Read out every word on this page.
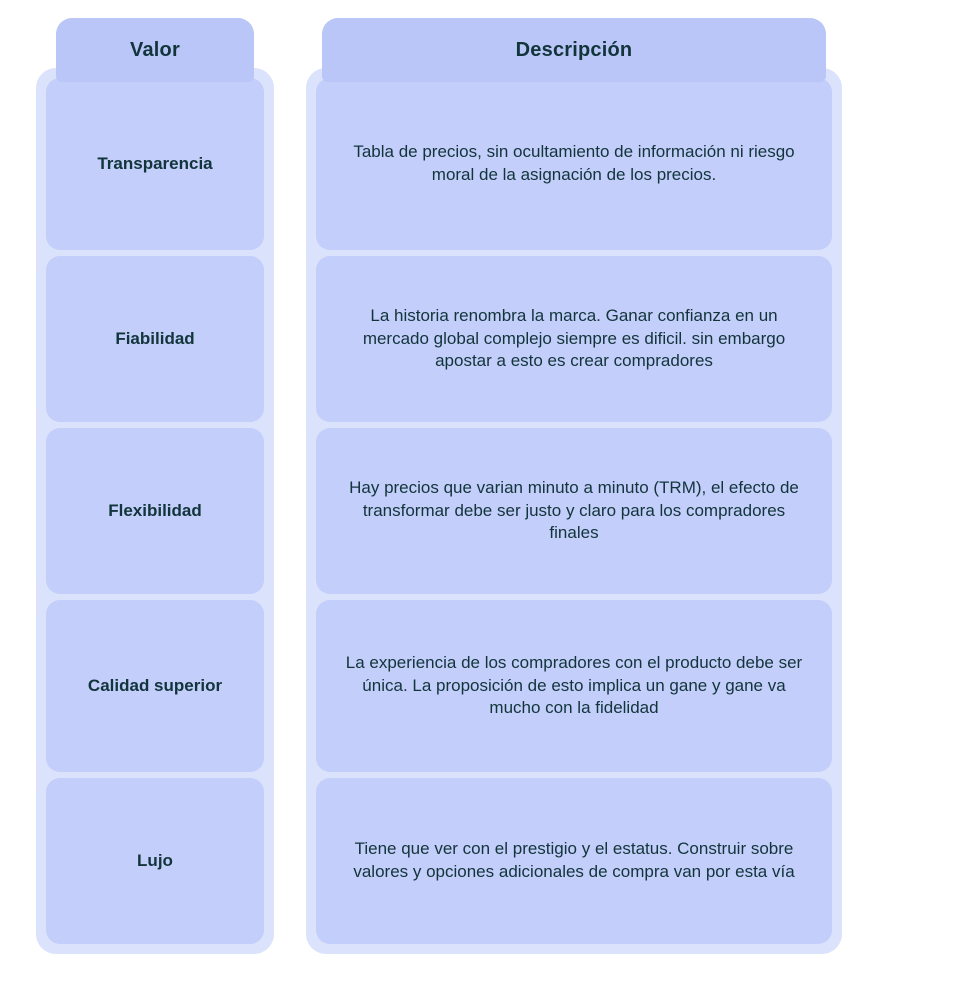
Valor
Transparencia
Fiabilidad
Flexibilidad
Calidad superior
Lujo
Descripción
Tabla de precios, sin ocultamiento de información ni riesgo moral de la asignación de los precios.
La historia renombra la marca. Ganar confianza en un mercado global complejo siempre es dificil. sin embargo apostar a esto es crear compradores
Hay precios que varian minuto a minuto (TRM), el efecto de transformar debe ser justo y claro para los compradores finales
La experiencia de los compradores con el producto debe ser única. La proposición de esto implica un gane y gane va mucho con la fidelidad
Tiene que ver con el prestigio y el estatus. Construir sobre valores y opciones adicionales de compra van por esta vía
